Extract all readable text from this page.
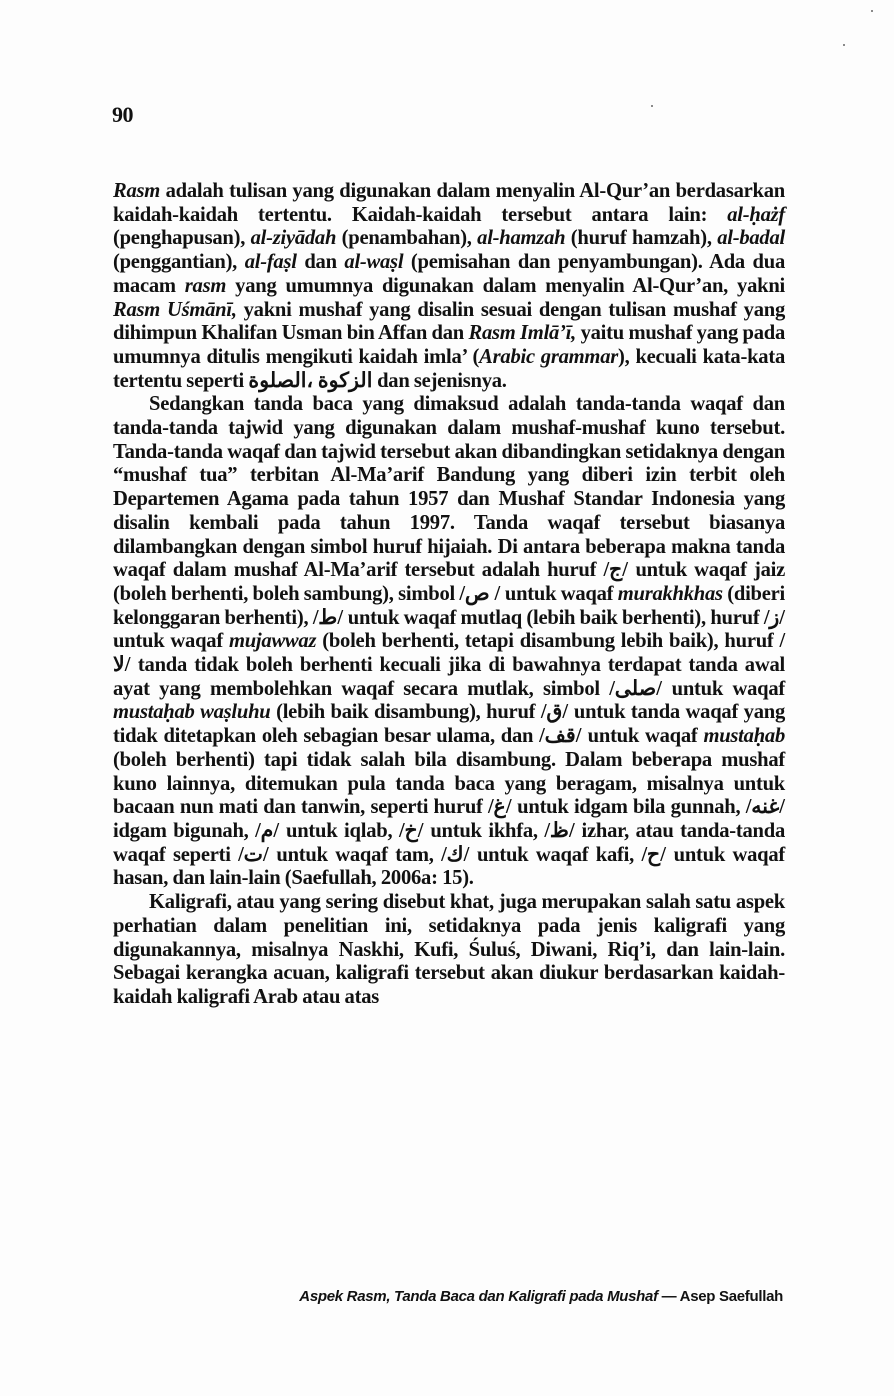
90

Rasm adalah tulisan yang digunakan dalam menyalin Al-Qur’an berdasarkan kaidah-kaidah tertentu. Kaidah-kaidah tersebut antara lain: al-ḥażf (penghapusan), al-ziyādah (penambahan), al-hamzah (huruf hamzah), al-badal (penggantian), al-faṣl dan al-waṣl (pemisahan dan penyambungan). Ada dua macam rasm yang umumnya digunakan dalam menyalin Al-Qur’an, yakni Rasm Uśmānī, yakni mushaf yang disalin sesuai dengan tulisan mushaf yang dihimpun Khalifan Usman bin Affan dan Rasm Imlā’ī, yaitu mushaf yang pada umumnya ditulis mengikuti kaidah imla’ (Arabic grammar), kecuali kata-kata tertentu seperti الزكوة ،الصلوة dan sejenisnya.

Sedangkan tanda baca yang dimaksud adalah tanda-tanda waqaf dan tanda-tanda tajwid yang digunakan dalam mushaf-mushaf kuno tersebut. Tanda-tanda waqaf dan tajwid tersebut akan dibandingkan setidaknya dengan “mushaf tua” terbitan Al-Ma’arif Bandung yang diberi izin terbit oleh Departemen Agama pada tahun 1957 dan Mushaf Standar Indonesia yang disalin kembali pada tahun 1997. Tanda waqaf tersebut biasanya dilambangkan dengan simbol huruf hijaiah. Di antara beberapa makna tanda waqaf dalam mushaf Al-Ma’arif tersebut adalah huruf /ج/ untuk waqaf jaiz (boleh berhenti, boleh sambung), simbol /ص / untuk waqaf murakhkhas (diberi kelonggaran berhenti), /ط/ untuk waqaf mutlaq (lebih baik berhenti), huruf /ز/ untuk waqaf mujawwaz (boleh berhenti, tetapi disambung lebih baik), huruf /لا/ tanda tidak boleh berhenti kecuali jika di bawahnya terdapat tanda awal ayat yang membolehkan waqaf secara mutlak, simbol /صلى/ untuk waqaf mustaḥab waṣluhu (lebih baik disambung), huruf /ق/ untuk tanda waqaf yang tidak ditetapkan oleh sebagian besar ulama, dan /قف/ untuk waqaf mustaḥab (boleh berhenti) tapi tidak salah bila disambung. Dalam beberapa mushaf kuno lainnya, ditemukan pula tanda baca yang beragam, misalnya untuk bacaan nun mati dan tanwin, seperti huruf /غ/ untuk idgam bila gunnah, /غنه/ idgam bigunah, /م/ untuk iqlab, /خ/ untuk ikhfa, /ظ/ izhar, atau tanda-tanda waqaf seperti /ت/ untuk waqaf tam, /ك/ untuk waqaf kafi, /ح/ untuk waqaf hasan, dan lain-lain (Saefullah, 2006a: 15).

Kaligrafi, atau yang sering disebut khat, juga merupakan salah satu aspek perhatian dalam penelitian ini, setidaknya pada jenis kaligrafi yang digunakannya, misalnya Naskhi, Kufi, Śuluś, Diwani, Riq’i, dan lain-lain. Sebagai kerangka acuan, kaligrafi tersebut akan diukur berdasarkan kaidah-kaidah kaligrafi Arab atau atas

Aspek Rasm, Tanda Baca dan Kaligrafi pada Mushaf — Asep Saefullah
